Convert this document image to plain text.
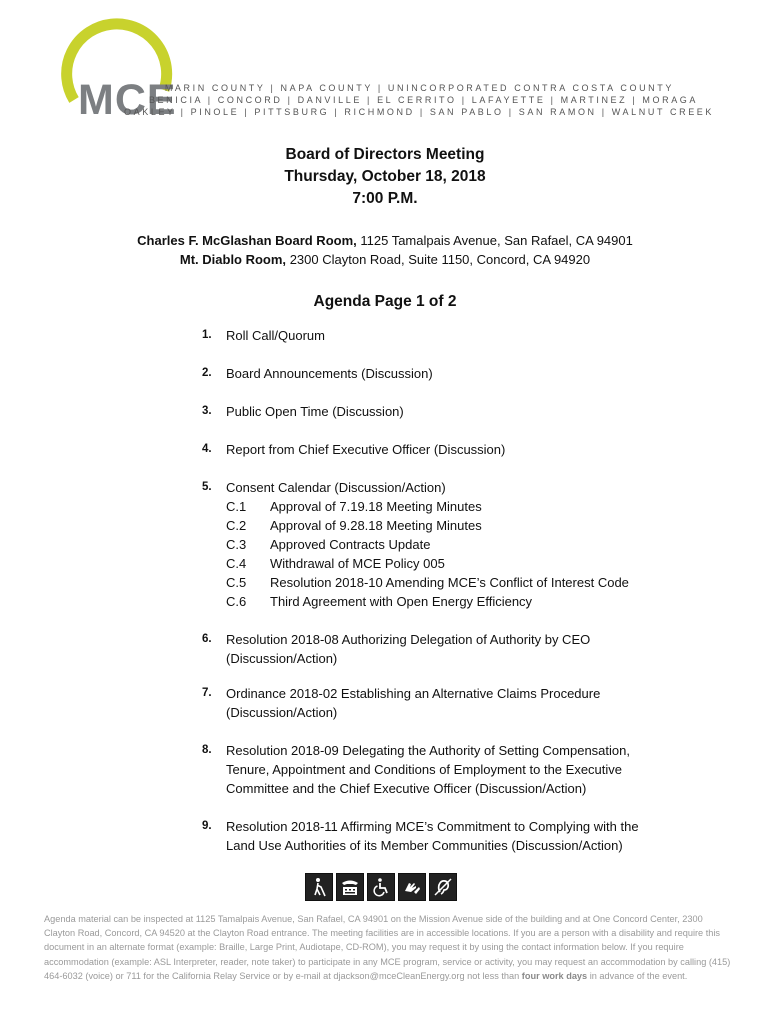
MCE
MARIN COUNTY | NAPA COUNTY | UNINCORPORATED CONTRA COSTA COUNTY
BENICIA | CONCORD | DANVILLE | EL CERRITO | LAFAYETTE | MARTINEZ | MORAGA
OAKLEY | PINOLE | PITTSBURG | RICHMOND | SAN PABLO | SAN RAMON | WALNUT CREEK
Board of Directors Meeting
Thursday, October 18, 2018
7:00 P.M.
Charles F. McGlashan Board Room, 1125 Tamalpais Avenue, San Rafael, CA 94901
Mt. Diablo Room, 2300 Clayton Road, Suite 1150, Concord, CA 94920
Agenda Page 1 of 2
1.	Roll Call/Quorum
2.	Board Announcements (Discussion)
3.	Public Open Time (Discussion)
4.	Report from Chief Executive Officer (Discussion)
5.	Consent Calendar (Discussion/Action)
C.1 Approval of 7.19.18 Meeting Minutes
C.2 Approval of 9.28.18 Meeting Minutes
C.3 Approved Contracts Update
C.4 Withdrawal of MCE Policy 005
C.5 Resolution 2018-10 Amending MCE’s Conflict of Interest Code
C.6 Third Agreement with Open Energy Efficiency
6.	Resolution 2018-08 Authorizing Delegation of Authority by CEO
(Discussion/Action)
7.	Ordinance 2018-02 Establishing an Alternative Claims Procedure
(Discussion/Action)
8.	Resolution 2018-09 Delegating the Authority of Setting Compensation,
Tenure, Appointment and Conditions of Employment to the Executive
Committee and the Chief Executive Officer (Discussion/Action)
9.	Resolution 2018-11 Affirming MCE’s Commitment to Complying with the
Land Use Authorities of its Member Communities (Discussion/Action)
Agenda material can be inspected at 1125 Tamalpais Avenue, San Rafael, CA 94901 on the Mission Avenue side of the building and at One Concord Center, 2300 Clayton Road, Concord, CA 94520 at the Clayton Road entrance. The meeting facilities are in accessible locations. If you are a person with a disability and require this document in an alternate format (example: Braille, Large Print, Audiotape, CD-ROM), you may request it by using the contact information below. If you require accommodation (example: ASL Interpreter, reader, note taker) to participate in any MCE program, service or activity, you may request an accommodation by calling (415) 464-6032 (voice) or 711 for the California Relay Service or by e-mail at djackson@mceCleanEnergy.org not less than four work days in advance of the event.
